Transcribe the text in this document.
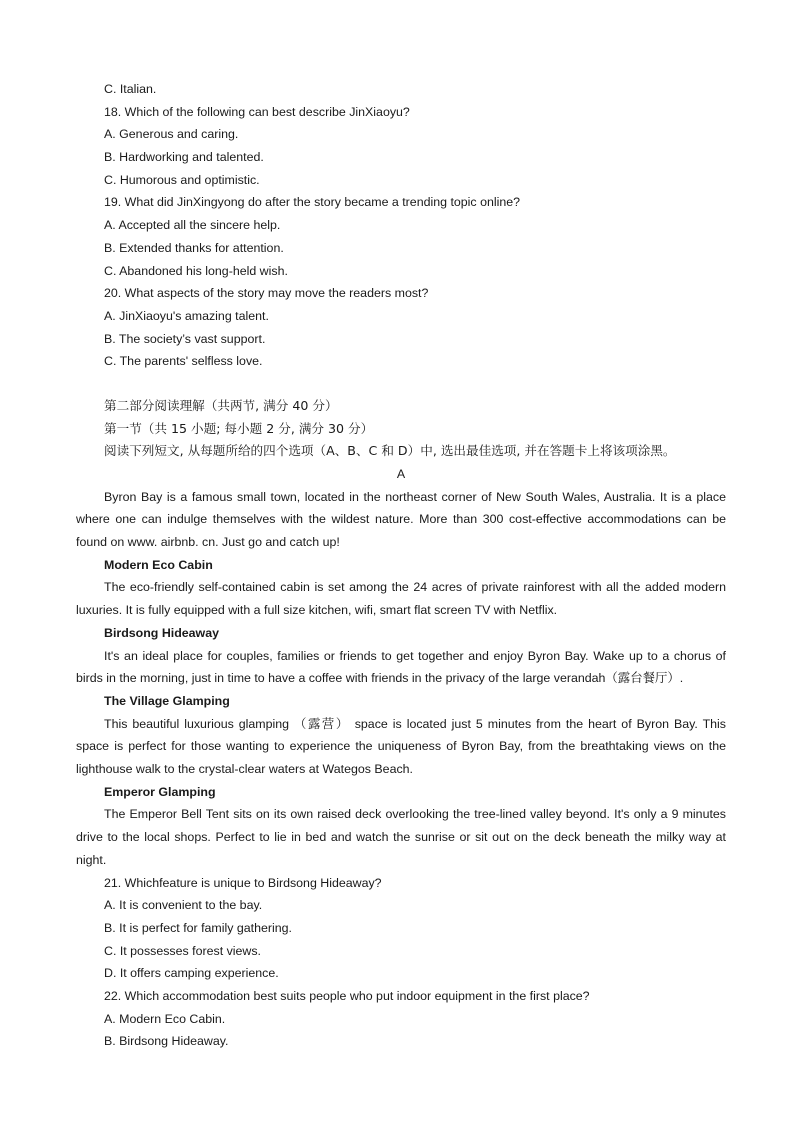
C. Italian.
18. Which of the following can best describe JinXiaoyu?
A. Generous and caring.
B. Hardworking and talented.
C. Humorous and optimistic.
19. What did JinXingyong do after the story became a trending topic online?
A. Accepted all the sincere help.
B. Extended thanks for attention.
C. Abandoned his long-held wish.
20. What aspects of the story may move the readers most?
A. JinXiaoyu's amazing talent.
B. The society’s vast support.
C. The parents' selfless love.
第二部分阅读理解（共两节, 满分 40 分）
第一节（共 15 小题; 每小题 2 分, 满分 30 分）
阅读下列短文, 从每题所给的四个选项（A、B、C 和 D）中, 选出最佳选项, 并在答题卡上将该项涂黑。
A

Byron Bay is a famous small town, located in the northeast corner of New South Wales, Australia. It is a place where one can indulge themselves with the wildest nature. More than 300 cost-effective accommodations can be found on www. airbnb. cn. Just go and catch up!

Modern Eco Cabin

The eco-friendly self-contained cabin is set among the 24 acres of private rainforest with all the added modern luxuries. It is fully equipped with a full size kitchen, wifi, smart flat screen TV with Netflix.

Birdsong Hideaway

It's an ideal place for couples, families or friends to get together and enjoy Byron Bay. Wake up to a chorus of birds in the morning, just in time to have a coffee with friends in the privacy of the large verandah（露台餐厅）.

The Village Glamping

This beautiful luxurious glamping （露营） space is located just 5 minutes from the heart of Byron Bay. This space is perfect for those wanting to experience the uniqueness of Byron Bay, from the breathtaking views on the lighthouse walk to the crystal-clear waters at Wategos Beach.

Emperor Glamping

The Emperor Bell Tent sits on its own raised deck overlooking the tree-lined valley beyond. It's only a 9 minutes drive to the local shops. Perfect to lie in bed and watch the sunrise or sit out on the deck beneath the milky way at night.

21. Whichfeature is unique to Birdsong Hideaway?
A. It is convenient to the bay.
B. It is perfect for family gathering.
C. It possesses forest views.
D. It offers camping experience.
22. Which accommodation best suits people who put indoor equipment in the first place?
A. Modern Eco Cabin.
B. Birdsong Hideaway.
